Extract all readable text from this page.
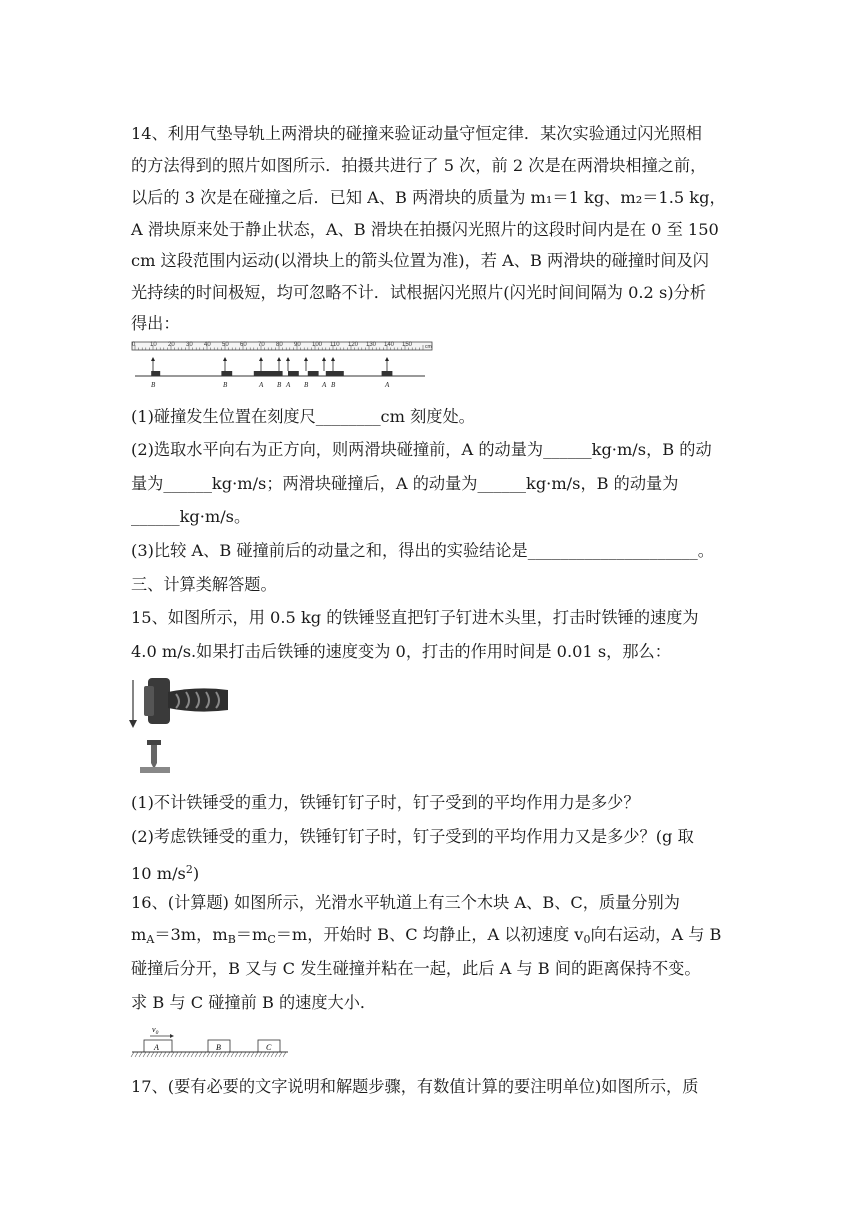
14、利用气垫导轨上两滑块的碰撞来验证动量守恒定律．某次实验通过闪光照相
的方法得到的照片如图所示．拍摄共进行了 5 次，前 2 次是在两滑块相撞之前，
以后的 3 次是在碰撞之后．已知 A、B 两滑块的质量为 m₁＝1 kg、m₂＝1.5 kg，
A 滑块原来处于静止状态，A、B 滑块在拍摄闪光照片的这段时间内是在 0 至 150
cm 这段范围内运动(以滑块上的箭头位置为准)，若 A、B 两滑块的碰撞时间及闪
光持续的时间极短，均可忽略不计．试根据闪光照片(闪光时间间隔为 0.2 s)分析
得出：
0 10 20 30 40 50 60 70 80 90 100 110 120 130 140 150	cm
B	B	A B A B A B	A
(1)碰撞发生位置在刻度尺________cm 刻度处。
(2)选取水平向右为正方向，则两滑块碰撞前，A 的动量为______kg·m/s，B 的动
量为______kg·m/s；两滑块碰撞后，A 的动量为______kg·m/s，B 的动量为
______kg·m/s。
(3)比较 A、B 碰撞前后的动量之和，得出的实验结论是_____________________。
三、计算类解答题。
15、如图所示，用 0.5 kg 的铁锤竖直把钉子钉进木头里，打击时铁锤的速度为
4.0 m/s.如果打击后铁锤的速度变为 0，打击的作用时间是 0.01 s，那么：
(1)不计铁锤受的重力，铁锤钉钉子时，钉子受到的平均作用力是多少？
(2)考虑铁锤受的重力，铁锤钉钉子时，钉子受到的平均作用力又是多少？(g 取
10 $m/s^2$)
16、(计算题) 如图所示，光滑水平轨道上有三个木块 A、B、C，质量分别为
$m_A=3m$，$m_B=m_C=m$，开始时 B、C 均静止，A 以初速度 $v_0$向右运动，A 与 B
碰撞后分开，B 又与 C 发生碰撞并粘在一起，此后 A 与 B 间的距离保持不变。
求 B 与 C 碰撞前 B 的速度大小．
$v_0$
A	B	C
17、(要有必要的文字说明和解题步骤，有数值计算的要注明单位)如图所示，质
